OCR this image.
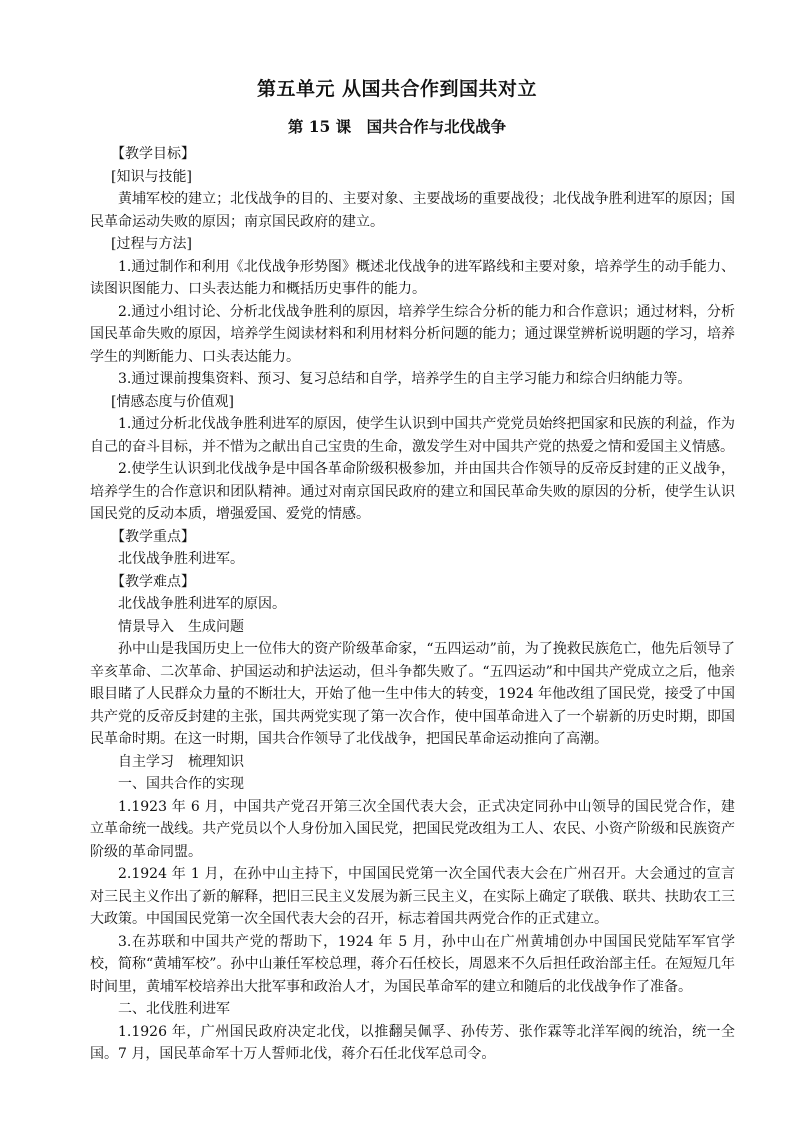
第五单元 从国共合作到国共对立
第 15 课　国共合作与北伐战争

【教学目标】

[知识与技能]

黄埔军校的建立；北伐战争的目的、主要对象、主要战场的重要战役；北伐战争胜利进军的原因；国民革命运动失败的原因；南京国民政府的建立。

[过程与方法]

1.通过制作和利用《北伐战争形势图》概述北伐战争的进军路线和主要对象，培养学生的动手能力、读图识图能力、口头表达能力和概括历史事件的能力。

2.通过小组讨论、分析北伐战争胜利的原因，培养学生综合分析的能力和合作意识；通过材料，分析国民革命失败的原因，培养学生阅读材料和利用材料分析问题的能力；通过课堂辨析说明题的学习，培养学生的判断能力、口头表达能力。

3.通过课前搜集资料、预习、复习总结和自学，培养学生的自主学习能力和综合归纳能力等。

[情感态度与价值观]

1.通过分析北伐战争胜利进军的原因，使学生认识到中国共产党党员始终把国家和民族的利益，作为自己的奋斗目标，并不惜为之献出自己宝贵的生命，激发学生对中国共产党的热爱之情和爱国主义情感。

2.使学生认识到北伐战争是中国各革命阶级积极参加，并由国共合作领导的反帝反封建的正义战争，培养学生的合作意识和团队精神。通过对南京国民政府的建立和国民革命失败的原因的分析，使学生认识国民党的反动本质，增强爱国、爱党的情感。

【教学重点】

北伐战争胜利进军。

【教学难点】

北伐战争胜利进军的原因。

情景导入　生成问题

孙中山是我国历史上一位伟大的资产阶级革命家，“五四运动”前，为了挽救民族危亡，他先后领导了辛亥革命、二次革命、护国运动和护法运动，但斗争都失败了。“五四运动”和中国共产党成立之后，他亲眼目睹了人民群众力量的不断壮大，开始了他一生中伟大的转变，1924 年他改组了国民党，接受了中国共产党的反帝反封建的主张，国共两党实现了第一次合作，使中国革命进入了一个崭新的历史时期，即国民革命时期。在这一时期，国共合作领导了北伐战争，把国民革命运动推向了高潮。

自主学习　梳理知识

一、国共合作的实现

1.1923 年 6 月，中国共产党召开第三次全国代表大会，正式决定同孙中山领导的国民党合作，建立革命统一战线。共产党员以个人身份加入国民党，把国民党改组为工人、农民、小资产阶级和民族资产阶级的革命同盟。

2.1924 年 1 月，在孙中山主持下，中国国民党第一次全国代表大会在广州召开。大会通过的宣言对三民主义作出了新的解释，把旧三民主义发展为新三民主义，在实际上确定了联俄、联共、扶助农工三大政策。中国国民党第一次全国代表大会的召开，标志着国共两党合作的正式建立。

3.在苏联和中国共产党的帮助下，1924 年 5 月，孙中山在广州黄埔创办中国国民党陆军军官学校，简称“黄埔军校”。孙中山兼任军校总理，蒋介石任校长，周恩来不久后担任政治部主任。在短短几年时间里，黄埔军校培养出大批军事和政治人才，为国民革命军的建立和随后的北伐战争作了准备。

二、北伐胜利进军

1.1926 年，广州国民政府决定北伐，以推翻吴佩孚、孙传芳、张作霖等北洋军阀的统治，统一全国。7 月，国民革命军十万人誓师北伐，蒋介石任北伐军总司令。
